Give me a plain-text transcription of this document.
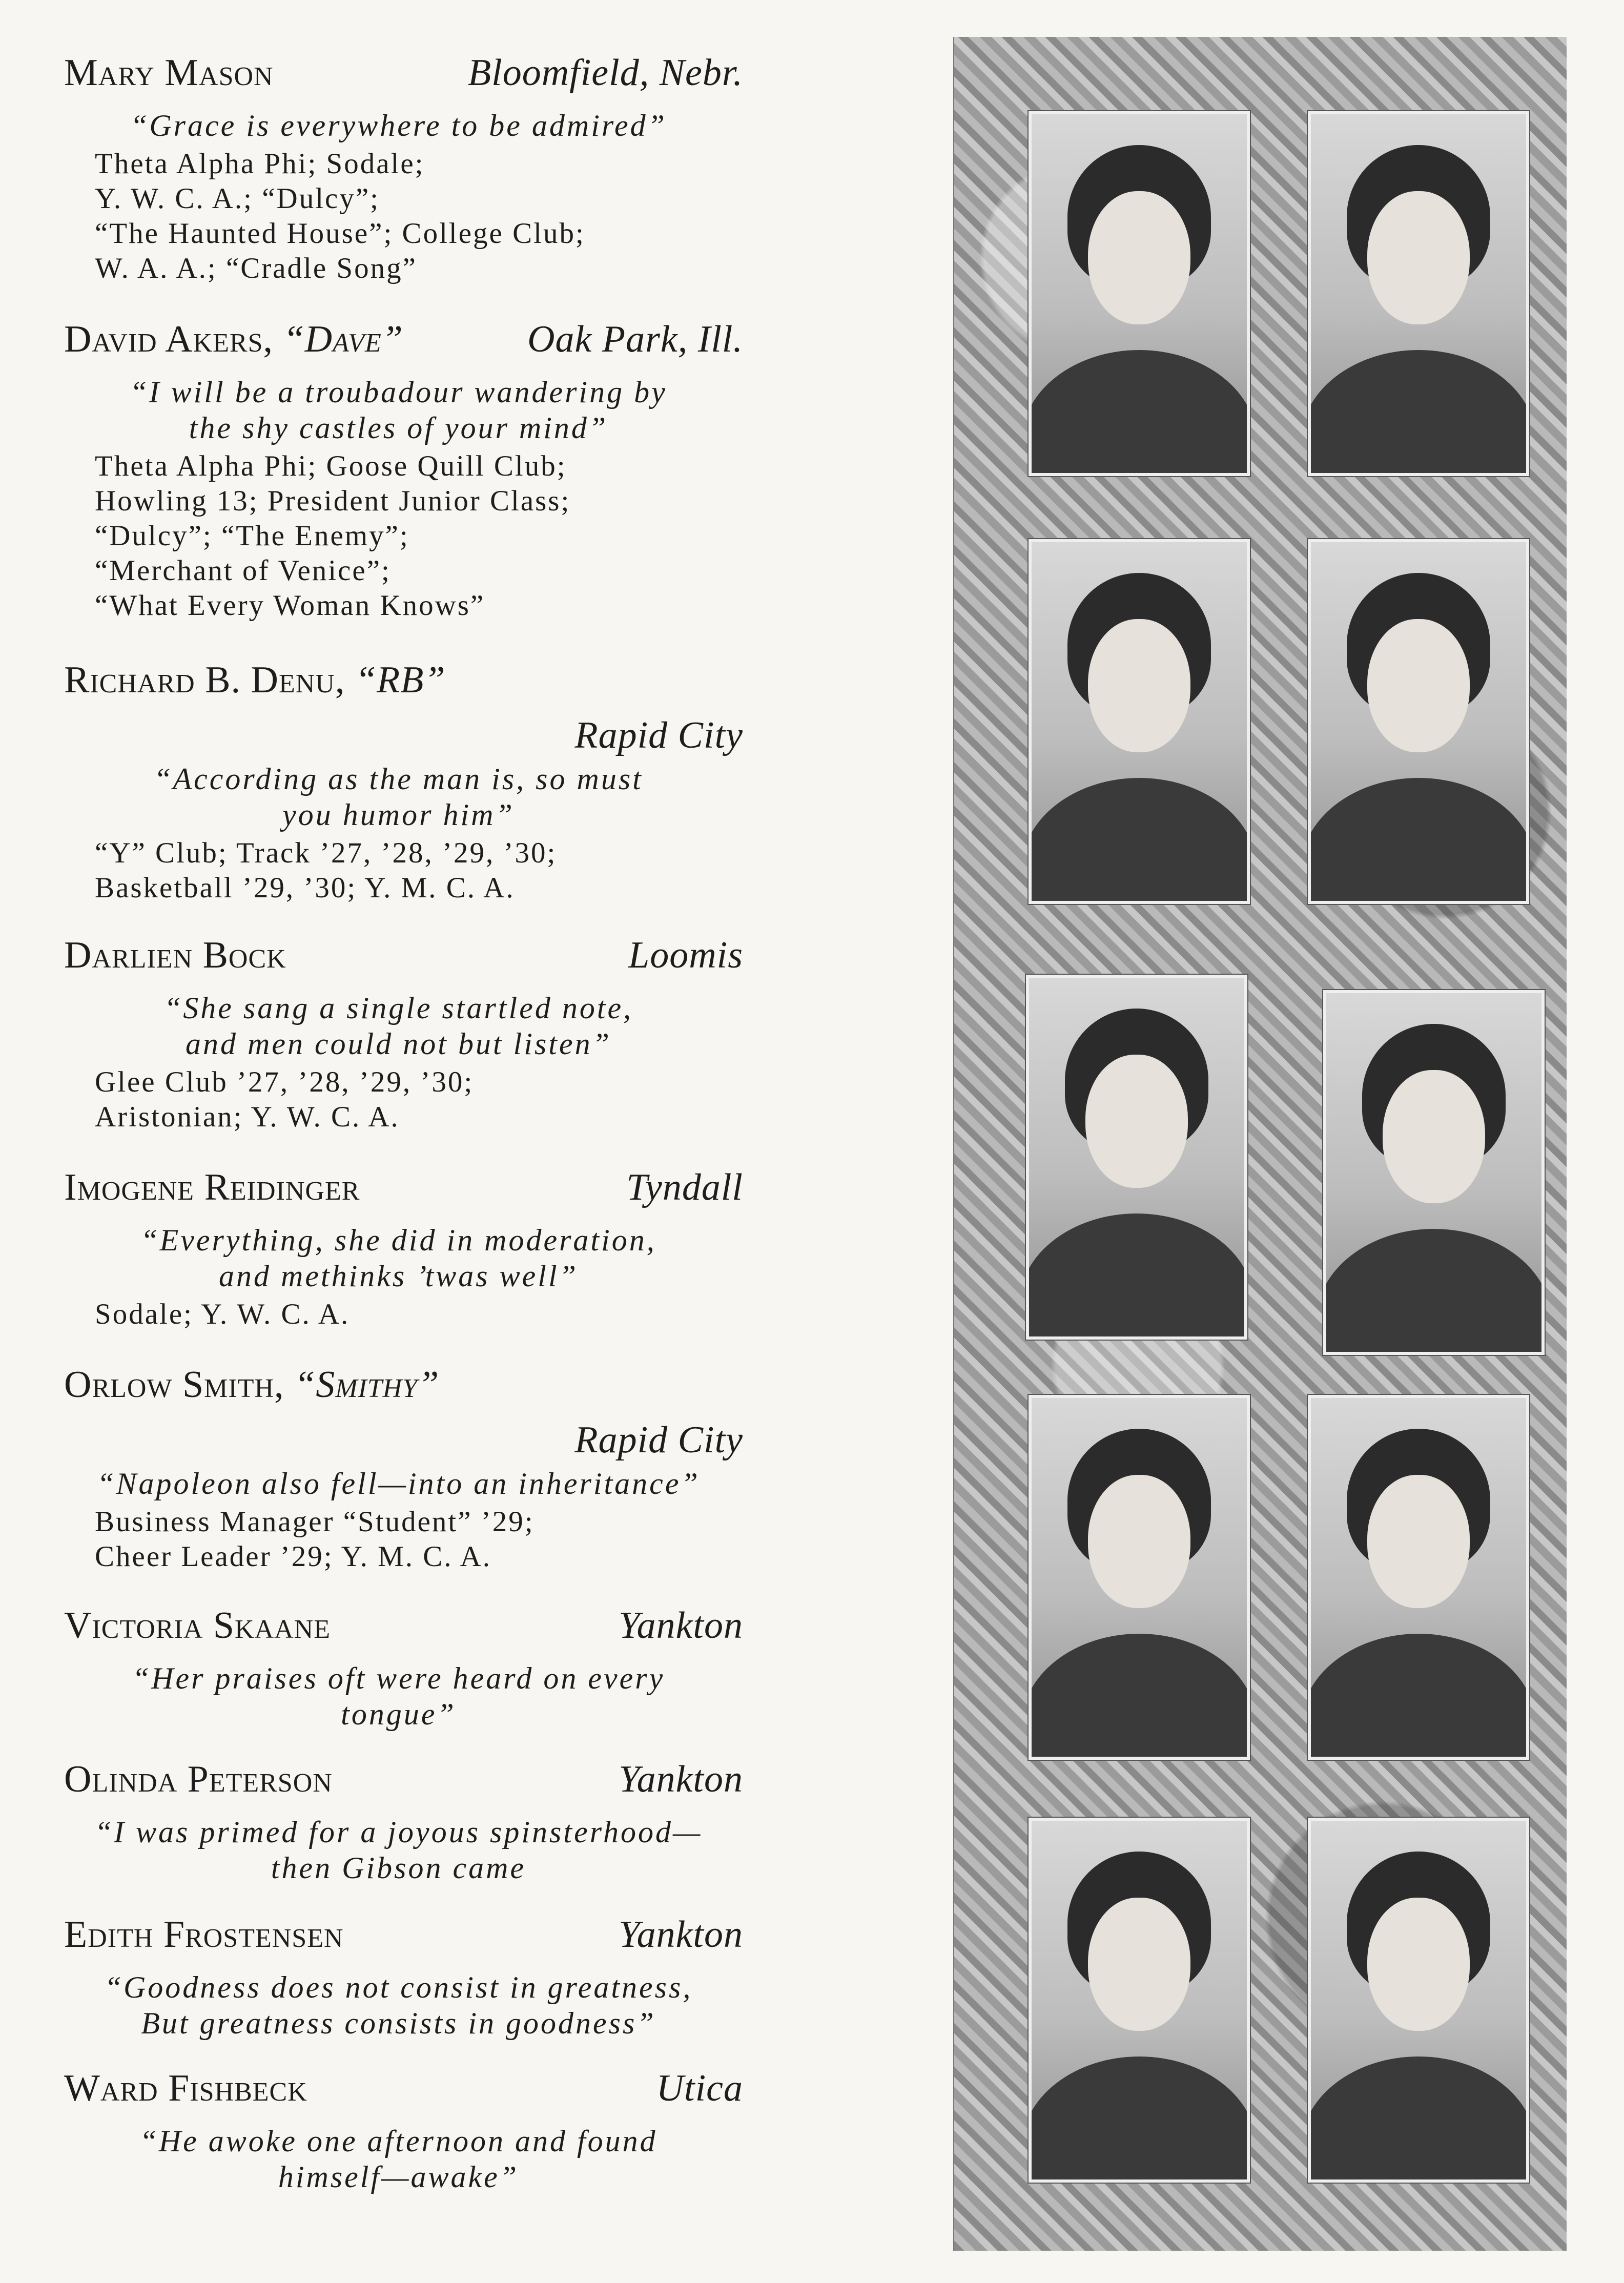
Mary Mason	Bloomfield, Nebr.
“Grace is everywhere to be admired”
Theta Alpha Phi; Sodale;
Y. W. C. A.; “Dulcy”;
“The Haunted House”; College Club;
W. A. A.; “Cradle Song”
David Akers, “Dave”	Oak Park, Ill.
“I will be a troubadour wandering by
the shy castles of your mind”
Theta Alpha Phi; Goose Quill Club;
Howling 13; President Junior Class;
“Dulcy”; “The Enemy”;
“Merchant of Venice”;
“What Every Woman Knows”
Richard B. Denu, “RB”
Rapid City
“According as the man is, so must
you humor him”
“Y” Club; Track ’27, ’28, ’29, ’30;
Basketball ’29, ’30; Y. M. C. A.
Darlien Bock	Loomis
“She sang a single startled note,
and men could not but listen”
Glee Club ’27, ’28, ’29, ’30;
Aristonian; Y. W. C. A.
Imogene Reidinger	Tyndall
“Everything, she did in moderation,
and methinks ’twas well”
Sodale; Y. W. C. A.
Orlow Smith, “Smithy”
Rapid City
“Napoleon also fell—into an inheritance”
Business Manager “Student” ’29;
Cheer Leader ’29; Y. M. C. A.
Victoria Skaane	Yankton
“Her praises oft were heard on every
tongue”
Olinda Peterson	Yankton
“I was primed for a joyous spinsterhood—
then Gibson came
Edith Frostensen	Yankton
“Goodness does not consist in greatness,
But greatness consists in goodness”
Ward Fishbeck	Utica
“He awoke one afternoon and found
himself—awake”
